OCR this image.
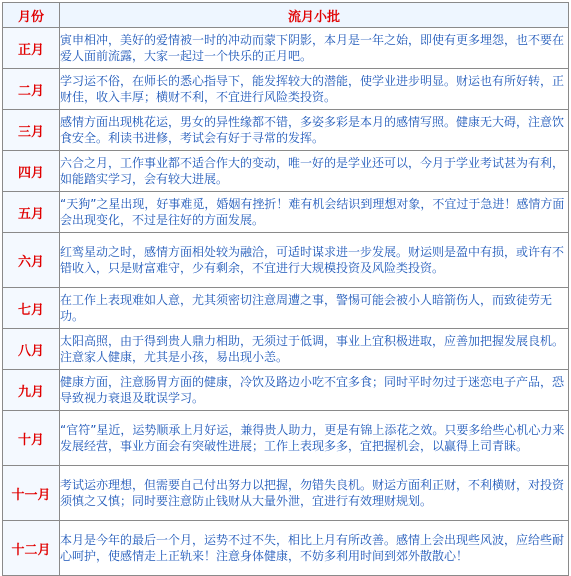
月份	流月小批
正月	寅申相冲，美好的爱情被一时的冲动而蒙下阴影，本月是一年之始，即使有更多埋怨，也不要在爱人面前流露，大家一起过一个快乐的正月吧。
二月	学习运不俗，在师长的悉心指导下，能发挥较大的潜能，使学业进步明显。财运也有所好转，正财佳，收入丰厚；横财不利，不宜进行风险类投资。
三月	感情方面出现桃花运，男女的异性缘都不错，多姿多彩是本月的感情写照。健康无大碍，注意饮食安全。利读书进修，考试会有好于寻常的发挥。
四月	六合之月，工作事业都不适合作大的变动，唯一好的是学业还可以，今月于学业考试甚为有利，如能踏实学习，会有较大进展。
五月	“天狗”之星出现，好事难觅，婚姻有挫折！难有机会结识到理想对象，不宜过于急进！感情方面会出现变化，不过是往好的方面发展。
六月	红鸾星动之时，感情方面相处较为融洽，可适时谋求进一步发展。财运则是盈中有损，或许有不错收入，只是财富难守，少有剩余，不宜进行大规模投资及风险类投资。
七月	在工作上表现难如人意，尤其须密切注意周遭之事，警惕可能会被小人暗箭伤人，而致徒劳无功。
八月	太阳高照，由于得到贵人鼎力相助，无须过于低调，事业上宜积极进取，应善加把握发展良机。注意家人健康，尤其是小孩，易出现小恙。
九月	健康方面，注意肠胃方面的健康，冷饮及路边小吃不宜多食；同时平时勿过于迷恋电子产品，恐导致视力衰退及耽误学习。
十月	“官符”星近，运势顺承上月好运，兼得贵人助力，更是有锦上添花之效。只要多给些心机心力来发展经营，事业方面会有突破性进展；工作上表现多多，宜把握机会，以赢得上司青睐。
十一月	考试运亦理想，但需要自己付出努力以把握，勿错失良机。财运方面利正财，不利横财，对投资须慎之又慎；同时要注意防止钱财从大量外泄，宜进行有效理财规划。
十二月	本月是今年的最后一个月，运势不过不失，相比上月有所改善。感情上会出现些风波，应给些耐心呵护，使感情走上正轨来！注意身体健康，不妨多利用时间到郊外散散心！
